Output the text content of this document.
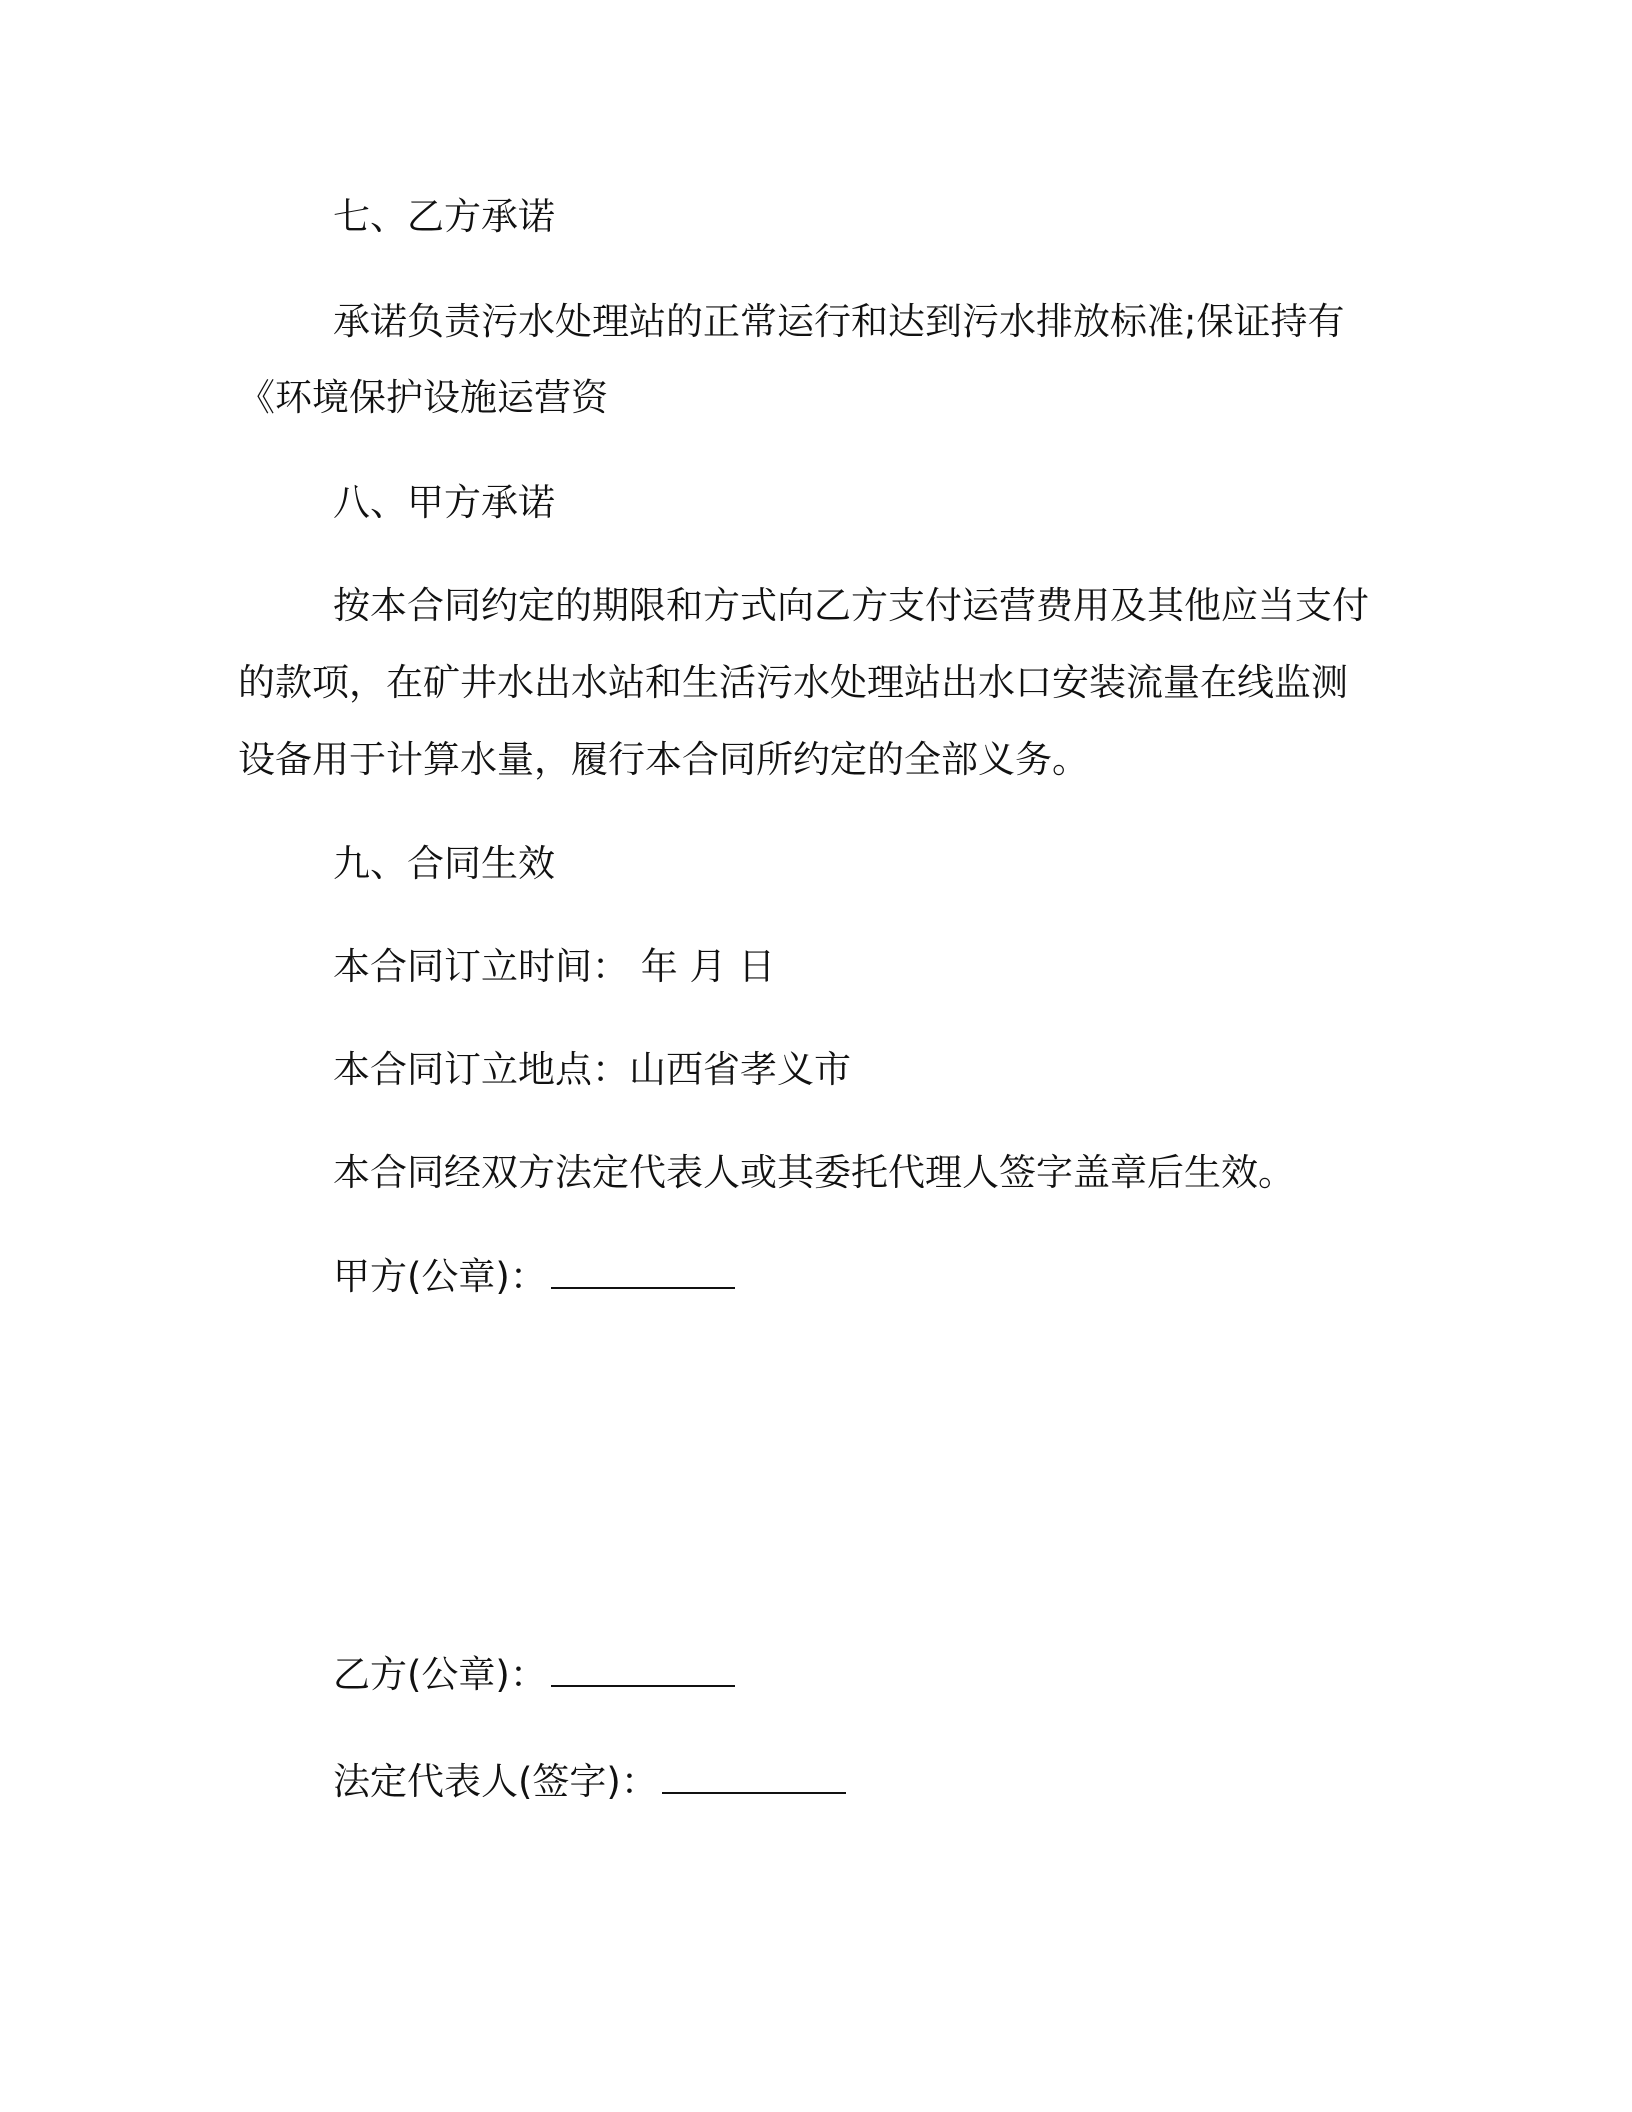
七、乙方承诺
承诺负责污水处理站的正常运行和达到污水排放标准;保证持有
《环境保护设施运营资
八、甲方承诺
按本合同约定的期限和方式向乙方支付运营费用及其他应当支付
的款项，在矿井水出水站和生活污水处理站出水口安装流量在线监测
设备用于计算水量，履行本合同所约定的全部义务。
九、合同生效
本合同订立时间： 年 月 日
本合同订立地点：山西省孝义市
本合同经双方法定代表人或其委托代理人签字盖章后生效。
甲方(公章)：
乙方(公章)：
法定代表人(签字)：
